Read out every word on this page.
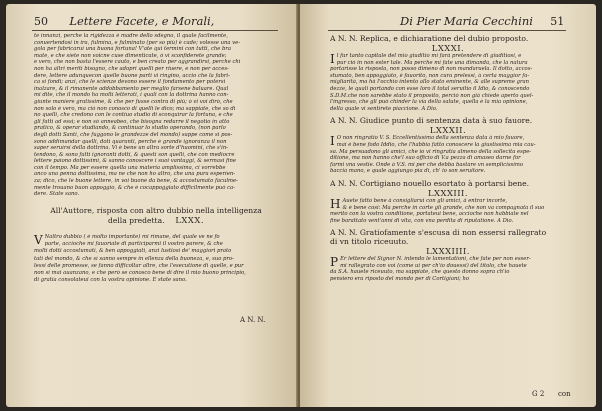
50 Lettere Facete, e Morali,
te innanzi, perche la rigidezza è madre dello sdegno, il quale facilmente,
conuertendosi in ira, fulmina, e fulminato (per so più) è cade; volesse una ve-
gola per fabricarui una buona fortuna! V'ate qui termini con tutti, che bra
mate, e che siete non voicne cuse dimenticate, ò vi sconfiderete grande;
e vero, che non basta l'essere cauto, e ben creato per aggrandirsi, perche chi
non ha altri meriti bisogno, che adopri quelli per riuere, e non per acces-
dere, lettere adunquecon quelle buone parti vi ringino, accio che la fabri-
ca si fondi; anzi, che le scienze devono essere il fondamento per potersi
inalzare, & il rimanente addobbamento per meglio farsene baluare. Qual
mi dite, che il mondo ha molti letterati, i quali con la dottrina hanno con-
giunte maniere gratissime, & che per fusse contra di più; ò vi voi dirò, che
non solo è vero, ma ciò non conosco di quelli le dico; ma sappiate, che so di
no quelli, che credono con le contiuo studio di sconquirar la fortuna, e che
gli fatti ad essi; e non sò anneabeo, che bisogna redurre il negotio in atto
pratico, & operar studiando, & continuar lo studio operando, (non parlo
degli dotti Santi, che fuggono le grandezze del mondo) sappe come si pos-
sono addimandar quelli, doti quaranti, perche è grande ignoranza il non
saper seruirsi della dottrina. Vi è bene un altra sorte d'huomini, che s'in-
tendono, & sono fatti ignoranti dotti, & questi son quelli, che con mediocre
lettere paiono dottissimi, & sanno conoscere i suoi vantaggi, & sermasi fine
con il tempo. Ma per essere quella una materia amplissima, ci vorrebbe
anco una penna dottissima, ma ne che non ho altro, che una pura esperien-
za; dico, che le buone lettere, in voi buone da bene, & accostumato faculme-
mente trouano buon appoggio, & che è cocappoggiato difficilmente può ca-
dere. State sano.
All'Auttore, risposta con altro dubbio nella intelligenza
della predetta. LXXX.
V Naltro dubbio ( è molto importante) mi rimane, del quale ve ne fo
parte, accioche mi fauoriate di participarmi il vostro parere, & che
molti dotti accostumati, & ben appoggiati, anzi lustiosi de' maggiori prato
tati del mondo, & che sì sanno sempre in ellenza della buoneza, e, suo pro-
lessi delle promesse, se fanno difficoltar altre, che l'esecutione di quelle, e pur
non si mai auanzano, e che però se conosco bene di dire il mio buono principio,
di gratia consolateui con la vostra opinione. E state sano.
A N. N.
Di Pier Maria Cecchini 51
A N. N. Replica, e dichiaratione del dubio proposto.
LXXXI.
I l fur tanto capitale del mio giuditio mi farà pretendere di giuditiosi, e
pur ciò in non ester tale. Ma perche mi fate una dimanda, che la natura
portarisse la risposta, non posso dimeno di non mandaruela. Il dotto, accos-
stumato, ben appoggiato, è fauorito, non cura prelessi, à certa maggior fa-
migliarità, ma hà l'occhio intento allo stato eminente, & alle supreme gran
dezze, le quali portando con esse loro il total seruitio il Idio, & conoscendo
S.D.M.che non sarebbe stato il proposito, perciò non già chiede aperto quel-
l'ingresso, che gli può chinder la via della salute, quella è la mia opinione,
della quale vi sentirete piaccione. A Dio.
A N. N. Giudice punto di sentenza data à suo fauore.
LXXXII.
I O non ringratio V. S. Eccellentissima della sentenza data à mio fauore,
mai è bene fodo Iddio, che l'habbia fatto conoscere la giustissima mia cau-
sa. Ma persuadono gli amici, che io vi ringratia almeno della sollecita espe-
ditione, ma non hanno che'l suo officio di V.a pezza di amaseo darne for
farmi vna vestie. Onde à V.S. mi per che debba bastare vn semplicissimo
baccia mano, e quale aggiungo pia dì, ch' io son seruitore.
A N. N. Cortigiano nouello esortato à portarsi bene.
LXXXIII.
H Auete fatto bene à consigliarui con gli amici, à entrar incorte,
& è bene cosi: Ma perche in corte gli grande, che non va compagnata il suo
merito con la vostra conditione, portateui bene, accioche non habbiate nel
fine barattato vent'anni di vita, con vna perdita di riputatione. A Dio.
A N. N. Gratiofamente s'escusa di non essersi rallegrato
di vn titolo riceuuto.
LXXXIIII.
P Er lettere del Signor N. intendo le lamentationi, che fate per non esser-
mi rallegrato con voi (come ui per ch'io douessi) del titolo, che hauete
da S.A. hauete riceuuto, ma sappiate, che questo donno sopra ch'io
pensiero era riposto del mondo per di Cortigiani; ho
G 2 con
